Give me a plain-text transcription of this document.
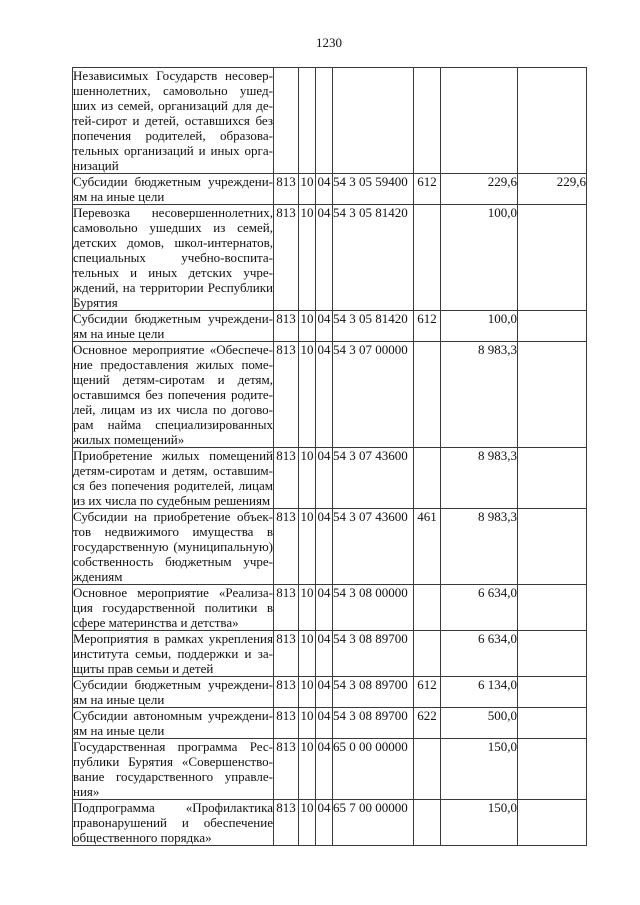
1230
Независимых Государств несовершеннолетних, самовольно ушедших из семей, организаций для детей-сирот и детей, оставшихся без попечения родителей, образовательных организаций и иных организаций							
Субсидии бюджетным учреждениям на иные цели	813	10	04	54 3 05 59400	612	229,6	229,6
Перевозка несовершеннолетних, самовольно ушедших из семей, детских домов, школ-интернатов, специальных учебно-воспитательных и иных детских учреждений, на территории Республики Бурятия	813	10	04	54 3 05 81420		100,0	
Субсидии бюджетным учреждениям на иные цели	813	10	04	54 3 05 81420	612	100,0	
Основное мероприятие «Обеспечение предоставления жилых помещений детям-сиротам и детям, оставшимся без попечения родителей, лицам из их числа по договорам найма специализированных жилых помещений»	813	10	04	54 3 07 00000		8 983,3	
Приобретение жилых помещений детям-сиротам и детям, оставшимся без попечения родителей, лицам из их числа по судебным решениям	813	10	04	54 3 07 43600		8 983,3	
Субсидии на приобретение объектов недвижимого имущества в государственную (муниципальную) собственность бюджетным учреждениям	813	10	04	54 3 07 43600	461	8 983,3	
Основное мероприятие «Реализация государственной политики в сфере материнства и детства»	813	10	04	54 3 08 00000		6 634,0	
Мероприятия в рамках укрепления института семьи, поддержки и защиты прав семьи и детей	813	10	04	54 3 08 89700		6 634,0	
Субсидии бюджетным учреждениям на иные цели	813	10	04	54 3 08 89700	612	6 134,0	
Субсидии автономным учреждениям на иные цели	813	10	04	54 3 08 89700	622	500,0	
Государственная программа Республики Бурятия «Совершенствование государственного управления»	813	10	04	65 0 00 00000		150,0	
Подпрограмма «Профилактика правонарушений и обеспечение общественного порядка»	813	10	04	65 7 00 00000		150,0	
